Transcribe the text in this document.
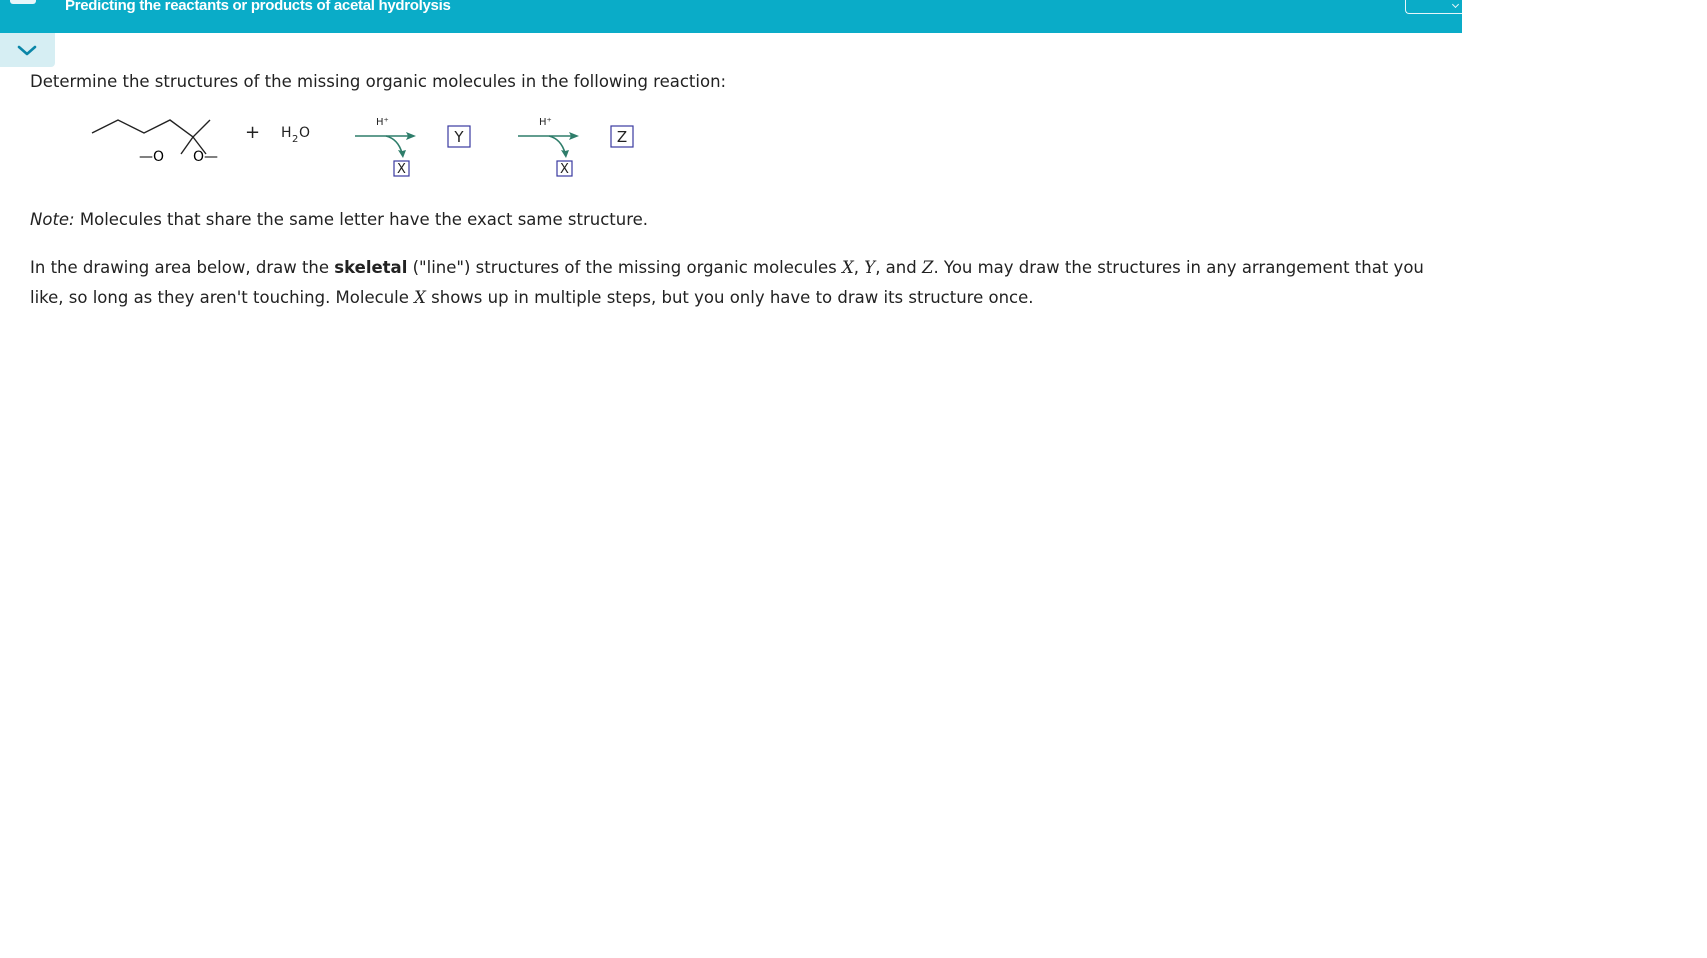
Predicting the reactants or products of acetal hydrolysis
Determine the structures of the missing organic molecules in the following reaction:
—O O—
+ H 2 O
H⁺
X
Y
H⁺
X
Z
Note: Molecules that share the same letter have the exact same structure.
In the drawing area below, draw the skeletal ("line") structures of the missing organic molecules X, Y, and Z. You may draw the structures in any arrangement that you like, so long as they aren't touching. Molecule X shows up in multiple steps, but you only have to draw its structure once.
